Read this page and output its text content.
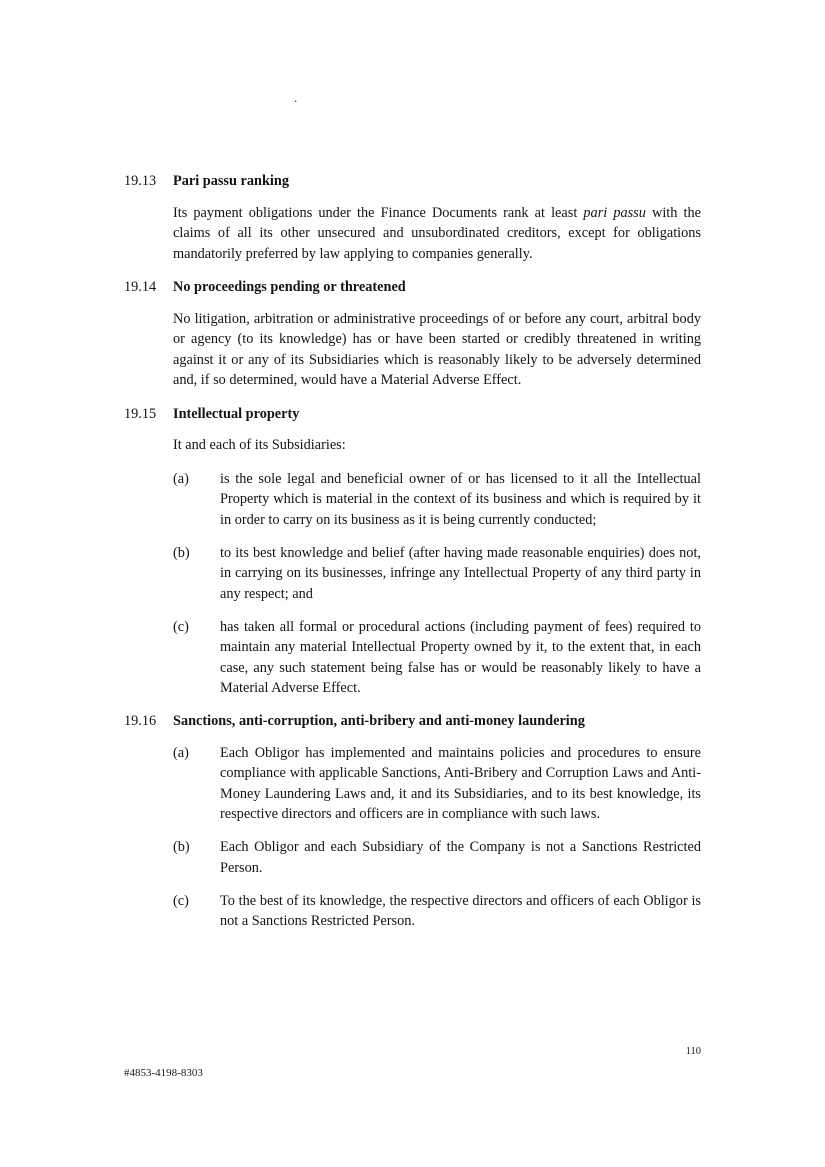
.
19.13	Pari passu ranking
Its payment obligations under the Finance Documents rank at least pari passu with the claims of all its other unsecured and unsubordinated creditors, except for obligations mandatorily preferred by law applying to companies generally.
19.14	No proceedings pending or threatened
No litigation, arbitration or administrative proceedings of or before any court, arbitral body or agency (to its knowledge) has or have been started or credibly threatened in writing against it or any of its Subsidiaries which is reasonably likely to be adversely determined and, if so determined, would have a Material Adverse Effect.
19.15	Intellectual property
It and each of its Subsidiaries:
(a)	is the sole legal and beneficial owner of or has licensed to it all the Intellectual Property which is material in the context of its business and which is required by it in order to carry on its business as it is being currently conducted;
(b)	to its best knowledge and belief (after having made reasonable enquiries) does not, in carrying on its businesses, infringe any Intellectual Property of any third party in any respect; and
(c)	has taken all formal or procedural actions (including payment of fees) required to maintain any material Intellectual Property owned by it, to the extent that, in each case, any such statement being false has or would be reasonably likely to have a Material Adverse Effect.
19.16	Sanctions, anti-corruption, anti-bribery and anti-money laundering
(a)	Each Obligor has implemented and maintains policies and procedures to ensure compliance with applicable Sanctions, Anti-Bribery and Corruption Laws and Anti-Money Laundering Laws and, it and its Subsidiaries, and to its best knowledge, its respective directors and officers are in compliance with such laws.
(b)	Each Obligor and each Subsidiary of the Company is not a Sanctions Restricted Person.
(c)	To the best of its knowledge, the respective directors and officers of each Obligor is not a Sanctions Restricted Person.
110
#4853-4198-8303
